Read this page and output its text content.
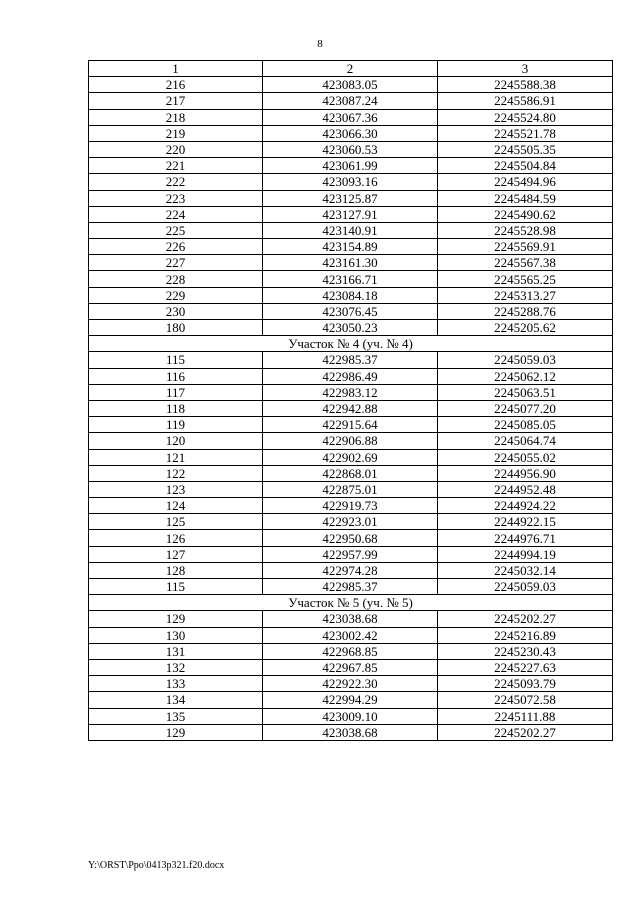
8
1	2	3
216	423083.05	2245588.38
217	423087.24	2245586.91
218	423067.36	2245524.80
219	423066.30	2245521.78
220	423060.53	2245505.35
221	423061.99	2245504.84
222	423093.16	2245494.96
223	423125.87	2245484.59
224	423127.91	2245490.62
225	423140.91	2245528.98
226	423154.89	2245569.91
227	423161.30	2245567.38
228	423166.71	2245565.25
229	423084.18	2245313.27
230	423076.45	2245288.76
180	423050.23	2245205.62
Участок № 4 (уч. № 4)		
115	422985.37	2245059.03
116	422986.49	2245062.12
117	422983.12	2245063.51
118	422942.88	2245077.20
119	422915.64	2245085.05
120	422906.88	2245064.74
121	422902.69	2245055.02
122	422868.01	2244956.90
123	422875.01	2244952.48
124	422919.73	2244924.22
125	422923.01	2244922.15
126	422950.68	2244976.71
127	422957.99	2244994.19
128	422974.28	2245032.14
115	422985.37	2245059.03
Участок № 5 (уч. № 5)		
129	423038.68	2245202.27
130	423002.42	2245216.89
131	422968.85	2245230.43
132	422967.85	2245227.63
133	422922.30	2245093.79
134	422994.29	2245072.58
135	423009.10	2245111.88
129	423038.68	2245202.27
Y:\ORST\Ppo\0413p321.f20.docx
